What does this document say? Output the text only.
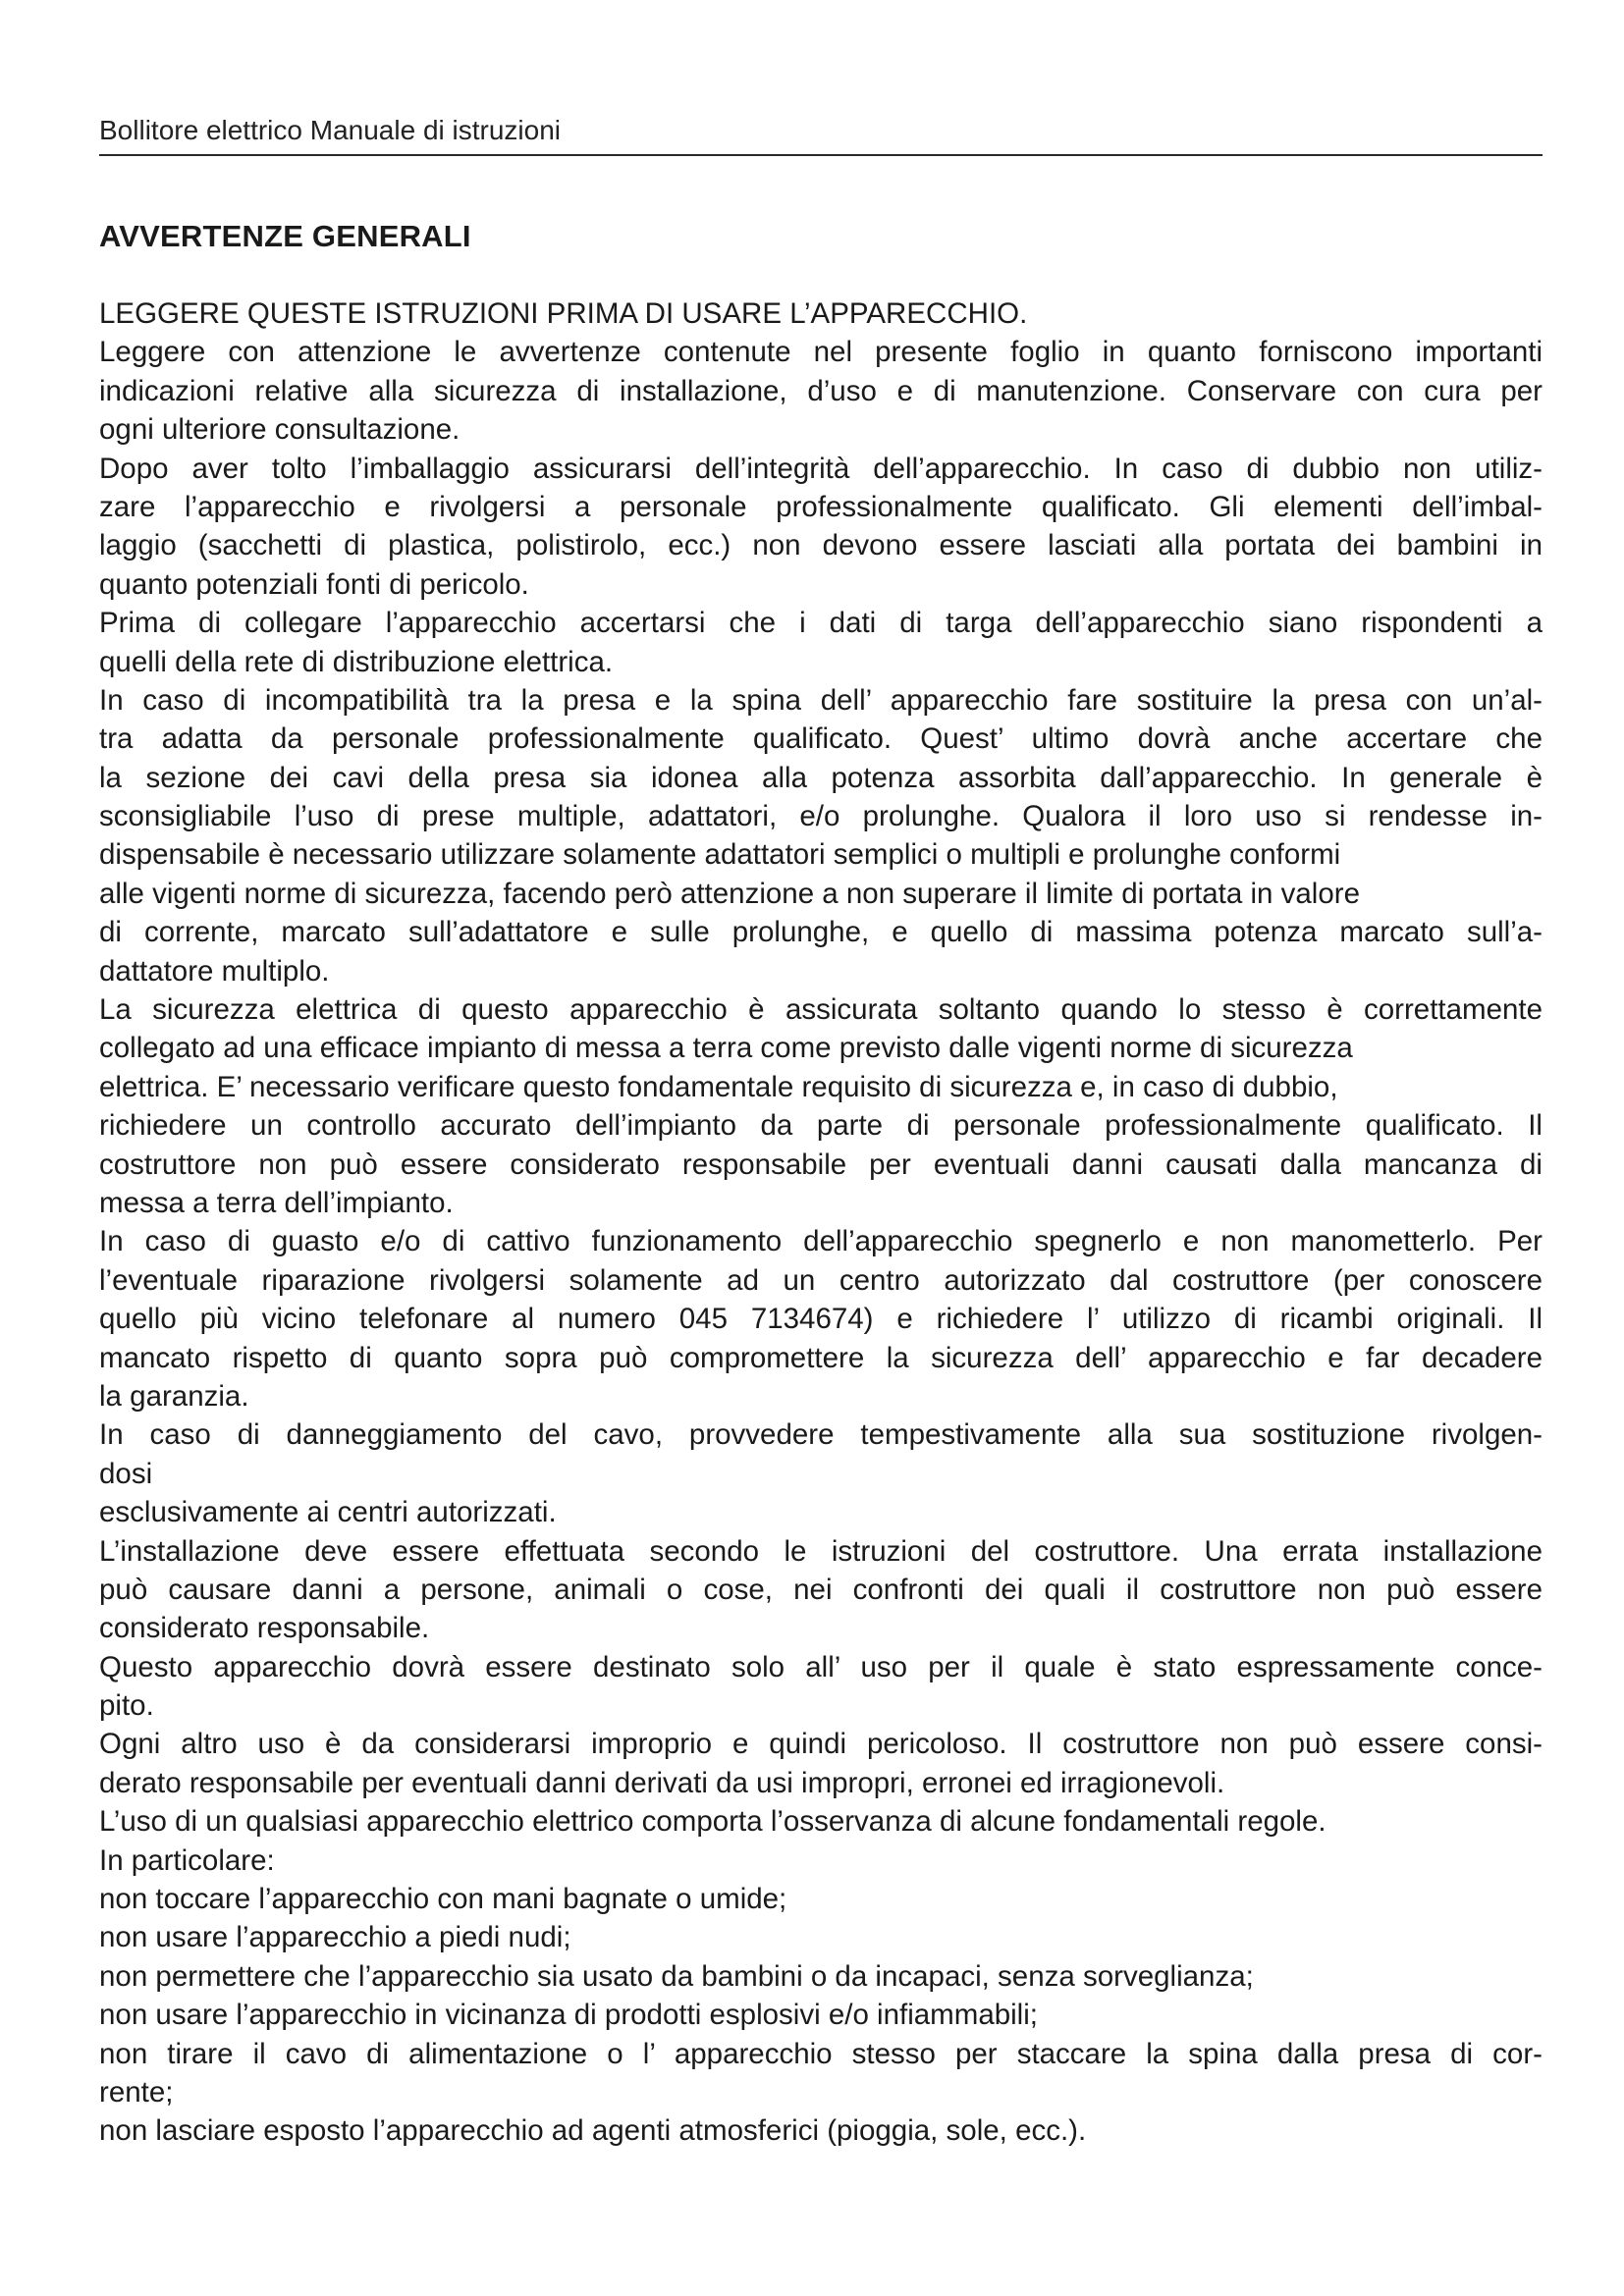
Bollitore elettrico Manuale di istruzioni
AVVERTENZE GENERALI
LEGGERE QUESTE ISTRUZIONI PRIMA DI USARE L’APPARECCHIO.
Leggere con attenzione le avvertenze contenute nel presente foglio in quanto forniscono importanti
indicazioni relative alla sicurezza di installazione, d’uso e di manutenzione. Conservare con cura per
ogni ulteriore consultazione.
Dopo aver tolto l’imballaggio assicurarsi dell’integrità dell’apparecchio. In caso di dubbio non utiliz-
zare l’apparecchio e rivolgersi a personale professionalmente qualificato. Gli elementi dell’imbal-
laggio (sacchetti di plastica, polistirolo, ecc.) non devono essere lasciati alla portata dei bambini in
quanto potenziali fonti di pericolo.
Prima di collegare l’apparecchio accertarsi che i dati di targa dell’apparecchio siano rispondenti a
quelli della rete di distribuzione elettrica.
In caso di incompatibilità tra la presa e la spina dell’ apparecchio fare sostituire la presa con un’al-
tra adatta da personale professionalmente qualificato. Quest’ ultimo dovrà anche accertare che
la sezione dei cavi della presa sia idonea alla potenza assorbita dall’apparecchio. In generale è
sconsigliabile l’uso di prese multiple, adattatori, e/o prolunghe. Qualora il loro uso si rendesse in-
dispensabile è necessario utilizzare solamente adattatori semplici o multipli e prolunghe conformi
alle vigenti norme di sicurezza, facendo però attenzione a non superare il limite di portata in valore
di corrente, marcato sull’adattatore e sulle prolunghe, e quello di massima potenza marcato sull’a-
dattatore multiplo.
La sicurezza elettrica di questo apparecchio è assicurata soltanto quando lo stesso è correttamente
collegato ad una efficace impianto di messa a terra come previsto dalle vigenti norme di sicurezza
elettrica. E’ necessario verificare questo fondamentale requisito di sicurezza e, in caso di dubbio,
richiedere un controllo accurato dell’impianto da parte di personale professionalmente qualificato. Il
costruttore non può essere considerato responsabile per eventuali danni causati dalla mancanza di
messa a terra dell’impianto.
In caso di guasto e/o di cattivo funzionamento dell’apparecchio spegnerlo e non manometterlo. Per
l’eventuale riparazione rivolgersi solamente ad un centro autorizzato dal costruttore (per conoscere
quello più vicino telefonare al numero 045 7134674) e richiedere l’ utilizzo di ricambi originali. Il
mancato rispetto di quanto sopra può compromettere la sicurezza dell’ apparecchio e far decadere
la garanzia.
In caso di danneggiamento del cavo, provvedere tempestivamente alla sua sostituzione rivolgen-
dosi
esclusivamente ai centri autorizzati.
L’installazione deve essere effettuata secondo le istruzioni del costruttore. Una errata installazione
può causare danni a persone, animali o cose, nei confronti dei quali il costruttore non può essere
considerato responsabile.
Questo apparecchio dovrà essere destinato solo all’ uso per il quale è stato espressamente conce-
pito.
Ogni altro uso è da considerarsi improprio e quindi pericoloso. Il costruttore non può essere consi-
derato responsabile per eventuali danni derivati da usi impropri, erronei ed irragionevoli.
L’uso di un qualsiasi apparecchio elettrico comporta l’osservanza di alcune fondamentali regole.
In particolare:
non toccare l’apparecchio con mani bagnate o umide;
non usare l’apparecchio a piedi nudi;
non permettere che l’apparecchio sia usato da bambini o da incapaci, senza sorveglianza;
non usare l’apparecchio in vicinanza di prodotti esplosivi e/o infiammabili;
non tirare il cavo di alimentazione o l’ apparecchio stesso per staccare la spina dalla presa di cor-
rente;
non lasciare esposto l’apparecchio ad agenti atmosferici (pioggia, sole, ecc.).
